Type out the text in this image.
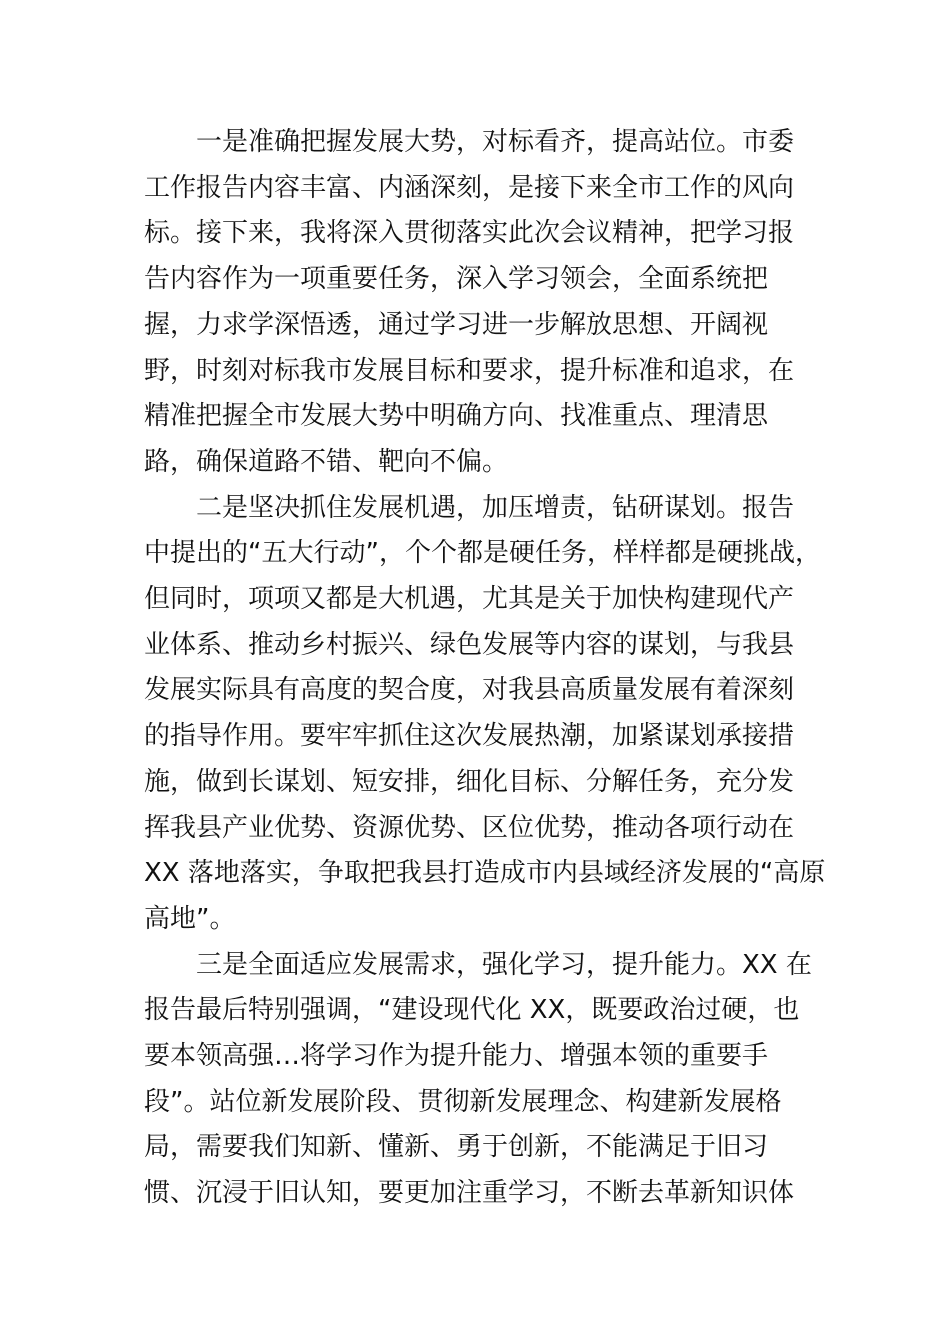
一是准确把握发展大势，对标看齐，提高站位。市委
工作报告内容丰富、内涵深刻，是接下来全市工作的风向
标。接下来，我将深入贯彻落实此次会议精神，把学习报
告内容作为一项重要任务，深入学习领会，全面系统把
握，力求学深悟透，通过学习进一步解放思想、开阔视
野，时刻对标我市发展目标和要求，提升标准和追求，在
精准把握全市发展大势中明确方向、找准重点、理清思
路，确保道路不错、靶向不偏。

二是坚决抓住发展机遇，加压增责，钻研谋划。报告
中提出的“五大行动”，个个都是硬任务，样样都是硬挑战，
但同时，项项又都是大机遇，尤其是关于加快构建现代产
业体系、推动乡村振兴、绿色发展等内容的谋划，与我县
发展实际具有高度的契合度，对我县高质量发展有着深刻
的指导作用。要牢牢抓住这次发展热潮，加紧谋划承接措
施，做到长谋划、短安排，细化目标、分解任务，充分发
挥我县产业优势、资源优势、区位优势，推动各项行动在
XX 落地落实，争取把我县打造成市内县域经济发展的“高原
高地”。

三是全面适应发展需求，强化学习，提升能力。XX 在
报告最后特别强调，“建设现代化 XX，既要政治过硬，也
要本领高强…将学习作为提升能力、增强本领的重要手
段”。站位新发展阶段、贯彻新发展理念、构建新发展格
局，需要我们知新、懂新、勇于创新，不能满足于旧习
惯、沉浸于旧认知，要更加注重学习，不断去革新知识体
